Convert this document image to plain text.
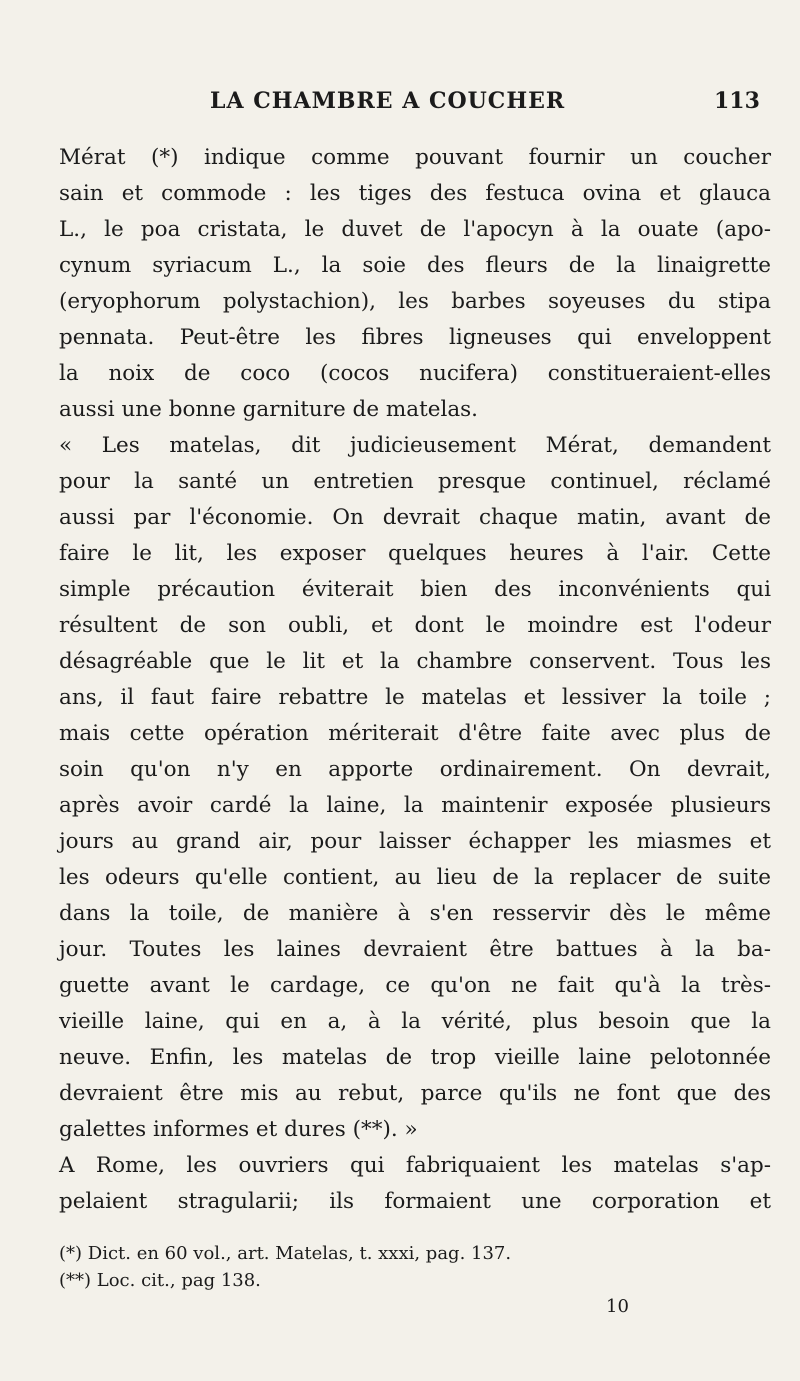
LA CHAMBRE A COUCHER	113
Mérat (*) indique comme pouvant fournir un coucher
sain et commode : les tiges des festuca ovina et glauca
L., le poa cristata, le duvet de l'apocyn à la ouate (apo-
cynum syriacum L., la soie des fleurs de la linaigrette
(eryophorum polystachion), les barbes soyeuses du stipa
pennata. Peut-être les fibres ligneuses qui enveloppent
la noix de coco (cocos nucifera) constitueraient-elles
aussi une bonne garniture de matelas.
« Les matelas, dit judicieusement Mérat, demandent
pour la santé un entretien presque continuel, réclamé
aussi par l'économie. On devrait chaque matin, avant de
faire le lit, les exposer quelques heures à l'air. Cette
simple précaution éviterait bien des inconvénients qui
résultent de son oubli, et dont le moindre est l'odeur
désagréable que le lit et la chambre conservent. Tous les
ans, il faut faire rebattre le matelas et lessiver la toile ;
mais cette opération mériterait d'être faite avec plus de
soin qu'on n'y en apporte ordinairement. On devrait,
après avoir cardé la laine, la maintenir exposée plusieurs
jours au grand air, pour laisser échapper les miasmes et
les odeurs qu'elle contient, au lieu de la replacer de suite
dans la toile, de manière à s'en resservir dès le même
jour. Toutes les laines devraient être battues à la ba-
guette avant le cardage, ce qu'on ne fait qu'à la très-
vieille laine, qui en a, à la vérité, plus besoin que la
neuve. Enfin, les matelas de trop vieille laine pelotonnée
devraient être mis au rebut, parce qu'ils ne font que des
galettes informes et dures (**). »
A Rome, les ouvriers qui fabriquaient les matelas s'ap-
pelaient stragularii; ils formaient une corporation et
(*) Dict. en 60 vol., art. Matelas, t. xxxi, pag. 137.
(**) Loc. cit., pag 138.
10
